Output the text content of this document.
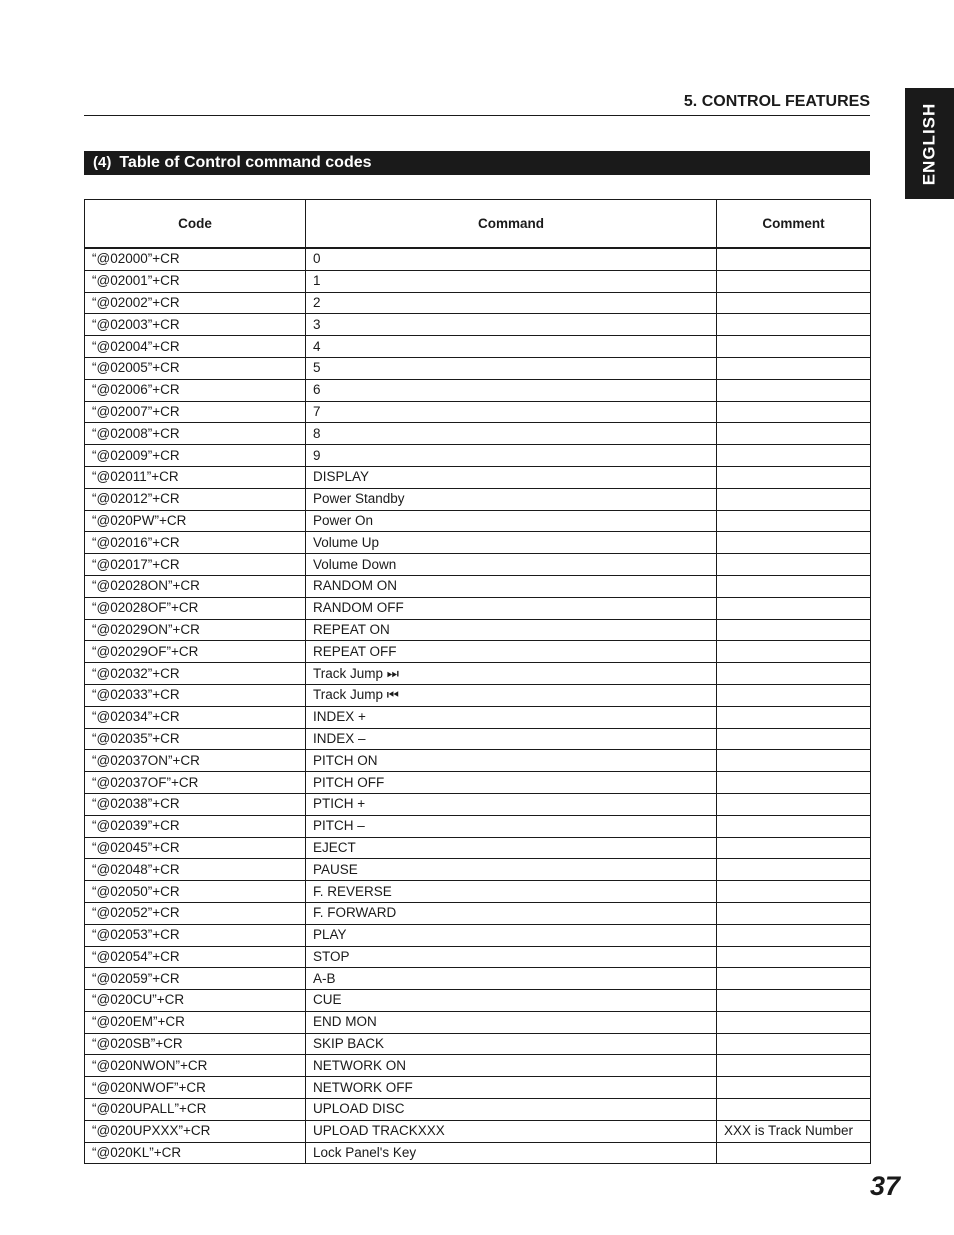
5. CONTROL FEATURES
ENGLISH
(4) Table of Control command codes
Code	Command	Comment
“@02000”+CR	0	
“@02001”+CR	1	
“@02002”+CR	2	
“@02003”+CR	3	
“@02004”+CR	4	
“@02005”+CR	5	
“@02006”+CR	6	
“@02007”+CR	7	
“@02008”+CR	8	
“@02009”+CR	9	
“@02011”+CR	DISPLAY	
“@02012”+CR	Power Standby	
“@020PW”+CR	Power On	
“@02016”+CR	Volume Up	
“@02017”+CR	Volume Down	
“@02028ON”+CR	RANDOM ON	
“@02028OF”+CR	RANDOM OFF	
“@02029ON”+CR	REPEAT ON	
“@02029OF”+CR	REPEAT OFF	
“@02032”+CR	Track Jump ⏭	
“@02033”+CR	Track Jump ⏮	
“@02034”+CR	INDEX +	
“@02035”+CR	INDEX –	
“@02037ON”+CR	PITCH ON	
“@02037OF”+CR	PITCH OFF	
“@02038”+CR	PTICH +	
“@02039”+CR	PITCH –	
“@02045”+CR	EJECT	
“@02048”+CR	PAUSE	
“@02050”+CR	F. REVERSE	
“@02052”+CR	F. FORWARD	
“@02053”+CR	PLAY	
“@02054”+CR	STOP	
“@02059”+CR	A-B	
“@020CU”+CR	CUE	
“@020EM”+CR	END MON	
“@020SB”+CR	SKIP BACK	
“@020NWON”+CR	NETWORK ON	
“@020NWOF”+CR	NETWORK OFF	
“@020UPALL”+CR	UPLOAD DISC	
“@020UPXXX”+CR	UPLOAD TRACKXXX	XXX is Track Number
“@020KL”+CR	Lock Panel's Key	
37
